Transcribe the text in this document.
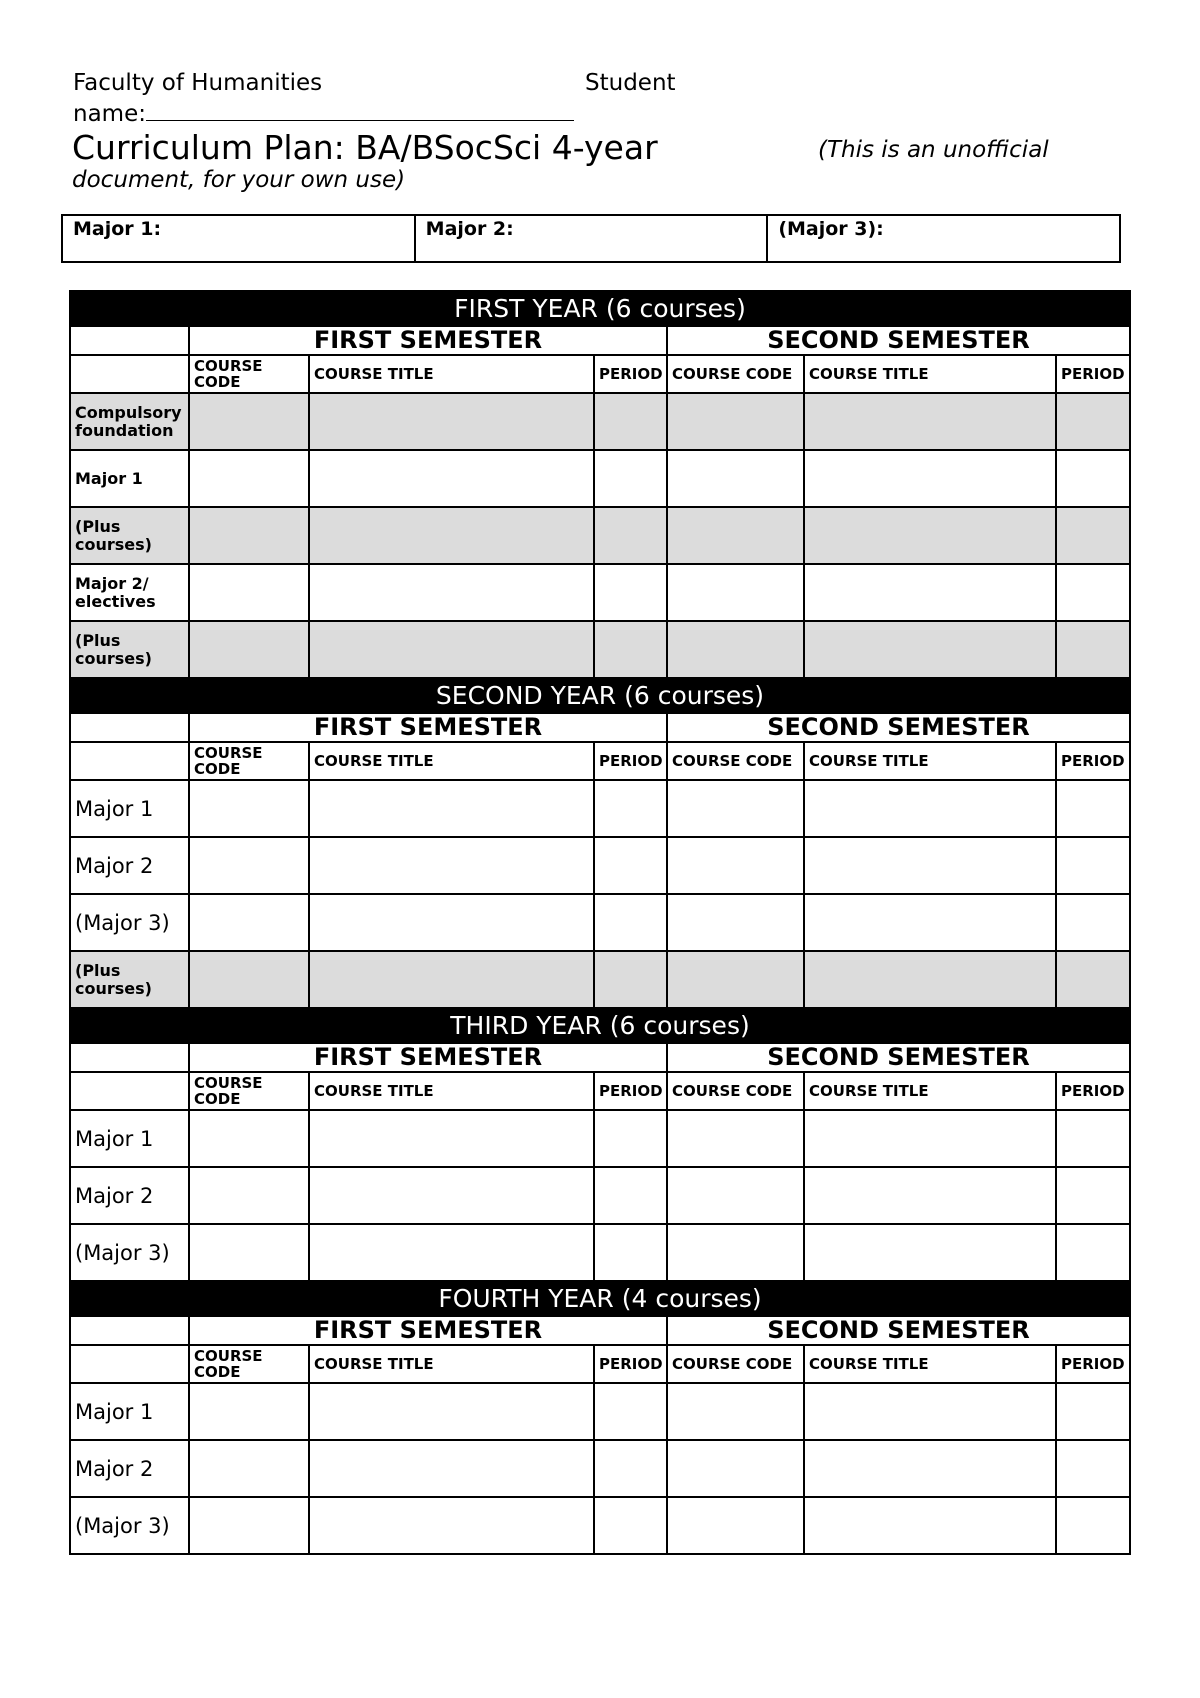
Faculty of Humanities	Student
name:
Curriculum Plan: BA/BSocSci 4-year	(This is an unofficial
document, for your own use)
Major 1:	Major 2:	(Major 3):
FIRST YEAR (6 courses)						
	FIRST SEMESTER			SECOND SEMESTER		
	COURSE CODE	COURSE TITLE	PERIOD	COURSE CODE	COURSE TITLE	PERIOD
Compulsory foundation						
Major 1						
(Plus courses)						
Major 2/ electives						
(Plus courses)						
SECOND YEAR (6 courses)						
	FIRST SEMESTER			SECOND SEMESTER		
	COURSE CODE	COURSE TITLE	PERIOD	COURSE CODE	COURSE TITLE	PERIOD
Major 1						
Major 2						
(Major 3)						
(Plus courses)						
THIRD YEAR (6 courses)						
	FIRST SEMESTER			SECOND SEMESTER		
	COURSE CODE	COURSE TITLE	PERIOD	COURSE CODE	COURSE TITLE	PERIOD
Major 1						
Major 2						
(Major 3)						
FOURTH YEAR (4 courses)						
	FIRST SEMESTER			SECOND SEMESTER		
	COURSE CODE	COURSE TITLE	PERIOD	COURSE CODE	COURSE TITLE	PERIOD
Major 1						
Major 2						
(Major 3)						
